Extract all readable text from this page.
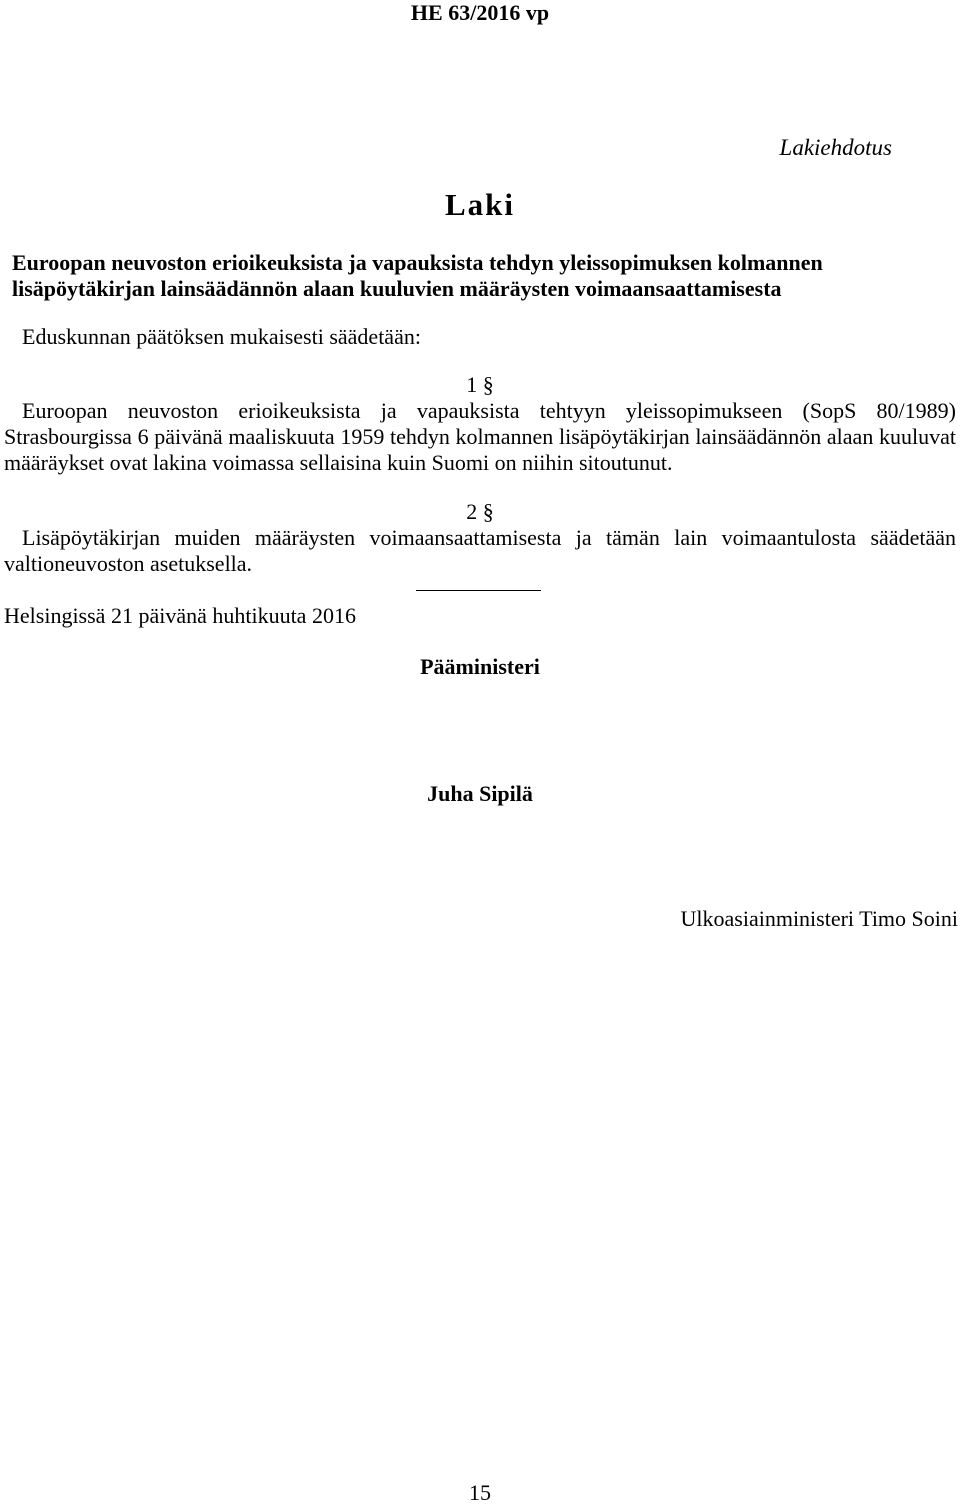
HE 63/2016 vp
Lakiehdotus
Laki
Euroopan neuvoston erioikeuksista ja vapauksista tehdyn yleissopimuksen kolmannen lisäpöytäkirjan lainsäädännön alaan kuuluvien määräysten voimaansaattamisesta
Eduskunnan päätöksen mukaisesti säädetään:
1 §

Euroopan neuvoston erioikeuksista ja vapauksista tehtyyn yleissopimukseen (SopS 80/1989) Strasbourgissa 6 päivänä maaliskuuta 1959 tehdyn kolmannen lisäpöytäkirjan lainsäädännön alaan kuuluvat määräykset ovat lakina voimassa sellaisina kuin Suomi on niihin sitoutunut.

2 §

Lisäpöytäkirjan muiden määräysten voimaansaattamisesta ja tämän lain voimaantulosta säädetään valtioneuvoston asetuksella.

Helsingissä 21 päivänä huhtikuuta 2016
Pääministeri
Juha Sipilä
Ulkoasiainministeri Timo Soini
15
